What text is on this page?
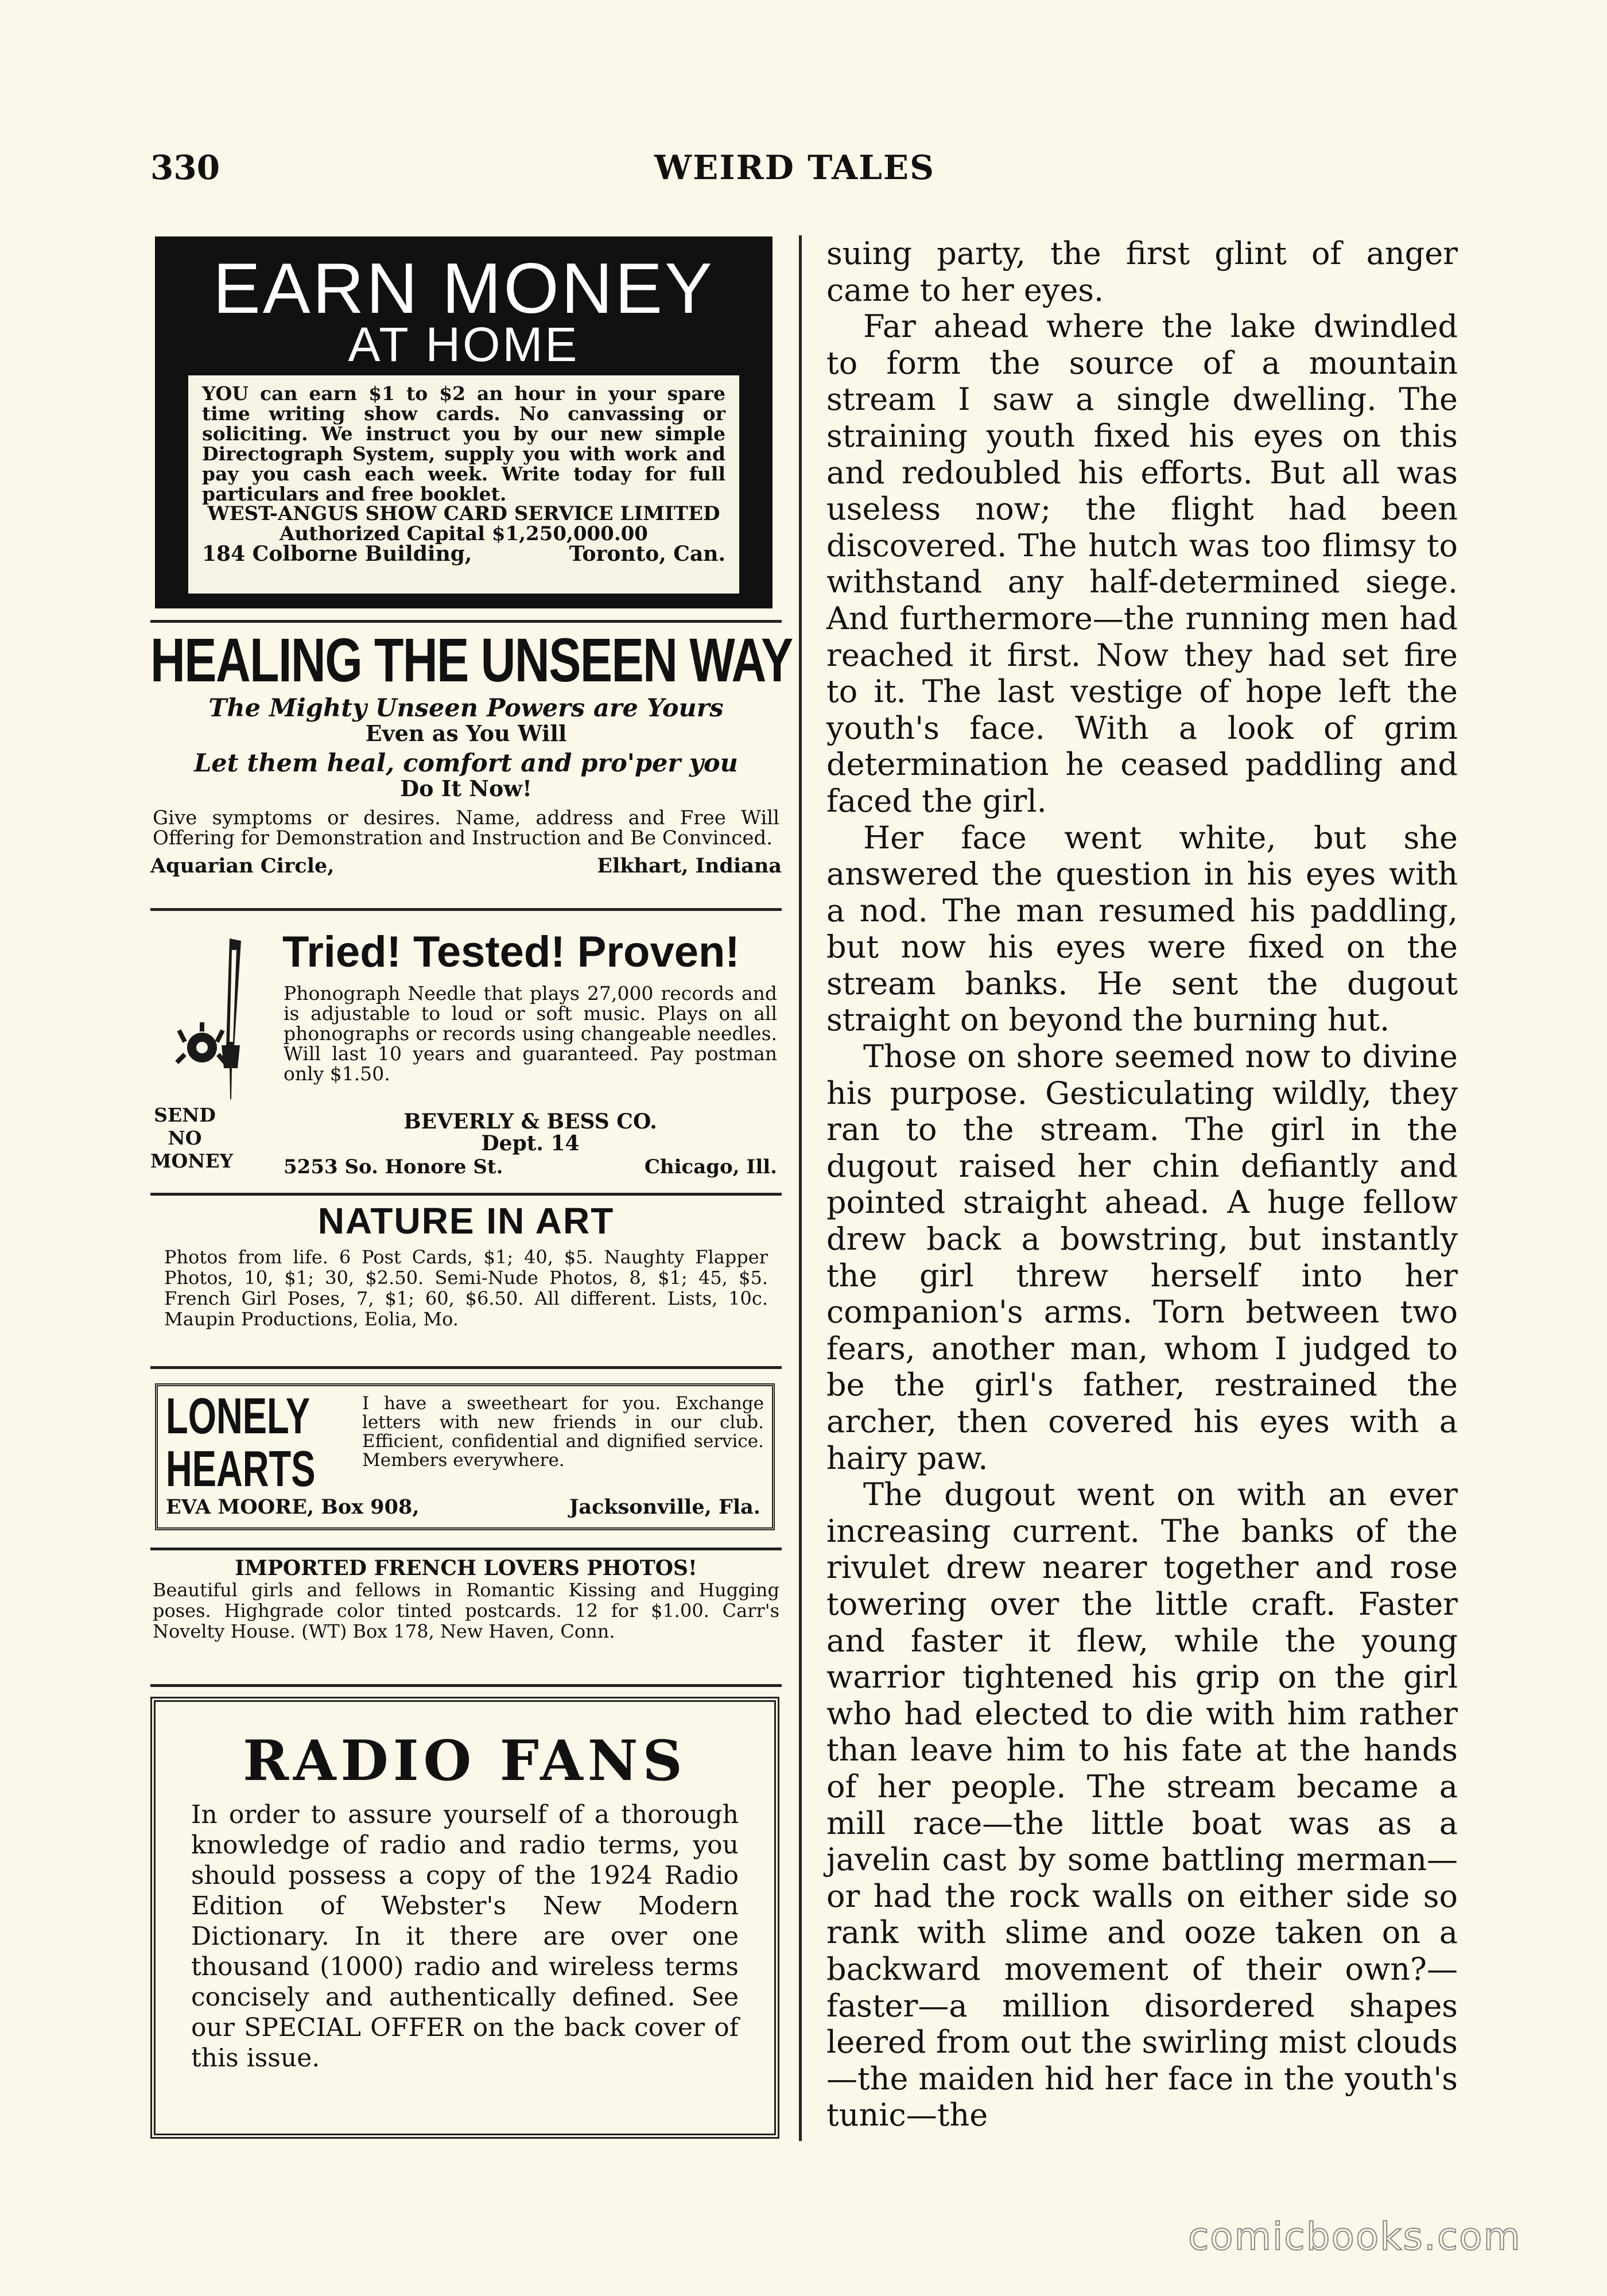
330	WEIRD TALES
EARN MONEY
AT HOME

YOU can earn $1 to $2 an hour in your spare time writing show cards. No canvassing or soliciting. We instruct you by our new simple Directograph System, supply you with work and pay you cash each week. Write today for full particulars and free booklet.

WEST-ANGUS SHOW CARD SERVICE LIMITED

Authorized Capital $1,250,000.00

184 Colborne Building,	Toronto, Can.

HEALING THE UNSEEN WAY
The Mighty Unseen Powers are Yours
Even as You Will
Let them heal, comfort and pro'per you
Do It Now!
Give symptoms or desires. Name, address and Free Will Offering for Demonstration and Instruction and Be Convinced.
Aquarian Circle,	Elkhart, Indiana
Tried! Tested! Proven!
Phonograph Needle that plays 27,000 records and is adjustable to loud or soft music. Plays on all phonographs or records using changeable needles. Will last 10 years and guaranteed. Pay postman only $1.50.
SEND
NO
MONEY
BEVERLY & BESS CO.
Dept. 14
5253 So. Honore St.	Chicago, Ill.
NATURE IN ART
Photos from life. 6 Post Cards, $1; 40, $5. Naughty Flapper Photos, 10, $1; 30, $2.50. Semi-Nude Photos, 8, $1; 45, $5. French Girl Poses, 7, $1; 60, $6.50. All different. Lists, 10c. Maupin Productions, Eolia, Mo.
LONELY
HEARTS
I have a sweetheart for you. Exchange letters with new friends in our club. Efficient, confidential and dignified service. Members everywhere.
EVA MOORE, Box 908,	Jacksonville, Fla.
IMPORTED FRENCH LOVERS PHOTOS!
Beautiful girls and fellows in Romantic Kissing and Hugging poses. Highgrade color tinted postcards. 12 for $1.00. Carr's Novelty House. (WT) Box 178, New Haven, Conn.
RADIO FANS
In order to assure yourself of a thorough knowledge of radio and radio terms, you should possess a copy of the 1924 Radio Edition of Webster's New Modern Dictionary. In it there are over one thousand (1000) radio and wireless terms concisely and authentically defined. See our SPECIAL OFFER on the back cover of this issue.

suing party, the first glint of anger came to her eyes.

Far ahead where the lake dwindled to form the source of a mountain stream I saw a single dwelling. The straining youth fixed his eyes on this and redoubled his efforts. But all was useless now; the flight had been discovered. The hutch was too flimsy to withstand any half-determined siege. And furthermore—the running men had reached it first. Now they had set fire to it. The last vestige of hope left the youth's face. With a look of grim determination he ceased paddling and faced the girl.

Her face went white, but she answered the question in his eyes with a nod. The man resumed his paddling, but now his eyes were fixed on the stream banks. He sent the dugout straight on beyond the burning hut.

Those on shore seemed now to divine his purpose. Gesticulating wildly, they ran to the stream. The girl in the dugout raised her chin defiantly and pointed straight ahead. A huge fellow drew back a bowstring, but instantly the girl threw herself into her companion's arms. Torn between two fears, another man, whom I judged to be the girl's father, restrained the archer, then covered his eyes with a hairy paw.

The dugout went on with an ever increasing current. The banks of the rivulet drew nearer together and rose towering over the little craft. Faster and faster it flew, while the young warrior tightened his grip on the girl who had elected to die with him rather than leave him to his fate at the hands of her people. The stream became a mill race—the little boat was as a javelin cast by some battling merman—or had the rock walls on either side so rank with slime and ooze taken on a backward movement of their own?—faster—a million disordered shapes leered from out the swirling mist clouds—the maiden hid her face in the youth's tunic—the

comicbooks.com
